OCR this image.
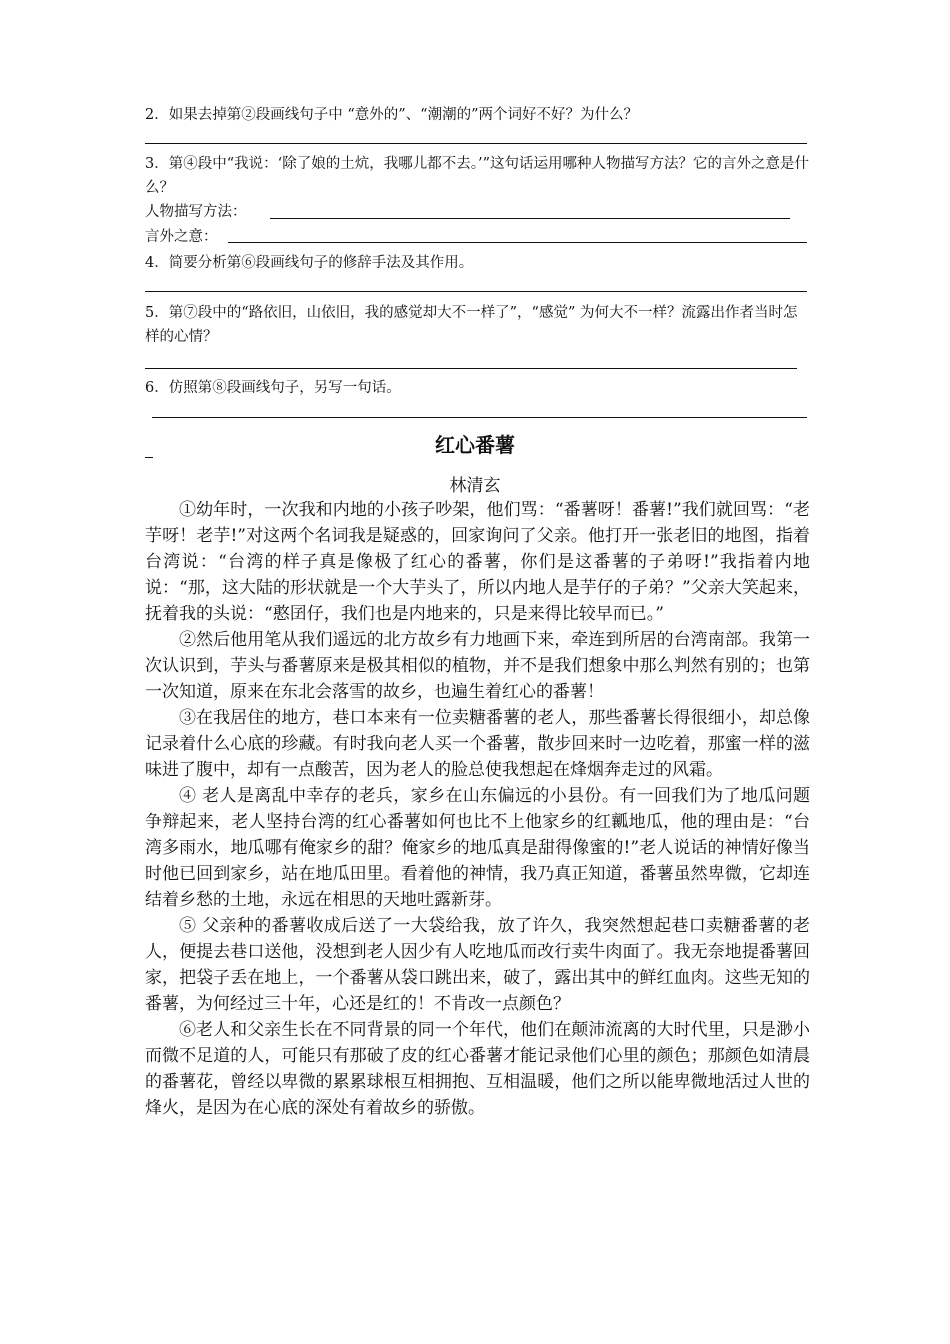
2．如果去掉第②段画线句子中 “意外的”、“潮潮的”两个词好不好？为什么？
3．第④段中“我说：‘除了娘的土炕，我哪儿都不去。’”这句话运用哪种人物描写方法？它的言外之意是什么？
人物描写方法：
言外之意：
4．简要分析第⑥段画线句子的修辞手法及其作用。
5．第⑦段中的“路依旧，山依旧，我的感觉却大不一样了”，“感觉” 为何大不一样？流露出作者当时怎样的心情？
6．仿照第⑧段画线句子，另写一句话。
红心番薯
林清玄

①幼年时，一次我和内地的小孩子吵架，他们骂：“番薯呀！番薯!”我们就回骂：“老芋呀！老芋!”对这两个名词我是疑惑的，回家询问了父亲。他打开一张老旧的地图，指着台湾说：“台湾的样子真是像极了红心的番薯，你们是这番薯的子弟呀!”我指着内地说：“那，这大陆的形状就是一个大芋头了，所以内地人是芋仔的子弟？”父亲大笑起来，抚着我的头说：“憨囝仔，我们也是内地来的，只是来得比较早而已。”

②然后他用笔从我们遥远的北方故乡有力地画下来，牵连到所居的台湾南部。我第一次认识到，芋头与番薯原来是极其相似的植物，并不是我们想象中那么判然有别的；也第一次知道，原来在东北会落雪的故乡，也遍生着红心的番薯！

③在我居住的地方，巷口本来有一位卖糖番薯的老人，那些番薯长得很细小，却总像记录着什么心底的珍藏。有时我向老人买一个番薯，散步回来时一边吃着，那蜜一样的滋味进了腹中，却有一点酸苦，因为老人的脸总使我想起在烽烟奔走过的风霜。

④ 老人是离乱中幸存的老兵，家乡在山东偏远的小县份。有一回我们为了地瓜问题争辩起来，老人坚持台湾的红心番薯如何也比不上他家乡的红瓤地瓜，他的理由是：“台湾多雨水，地瓜哪有俺家乡的甜？俺家乡的地瓜真是甜得像蜜的!”老人说话的神情好像当时他已回到家乡，站在地瓜田里。看着他的神情，我乃真正知道，番薯虽然卑微，它却连结着乡愁的土地，永远在相思的天地吐露新芽。

⑤ 父亲种的番薯收成后送了一大袋给我，放了许久，我突然想起巷口卖糖番薯的老人，便提去巷口送他，没想到老人因少有人吃地瓜而改行卖牛肉面了。我无奈地提番薯回家，把袋子丢在地上，一个番薯从袋口跳出来，破了，露出其中的鲜红血肉。这些无知的番薯，为何经过三十年，心还是红的！不肯改一点颜色？

⑥老人和父亲生长在不同背景的同一个年代，他们在颠沛流离的大时代里，只是渺小而微不足道的人，可能只有那破了皮的红心番薯才能记录他们心里的颜色；那颜色如清晨的番薯花，曾经以卑微的累累球根互相拥抱、互相温暖，他们之所以能卑微地活过人世的烽火，是因为在心底的深处有着故乡的骄傲。
